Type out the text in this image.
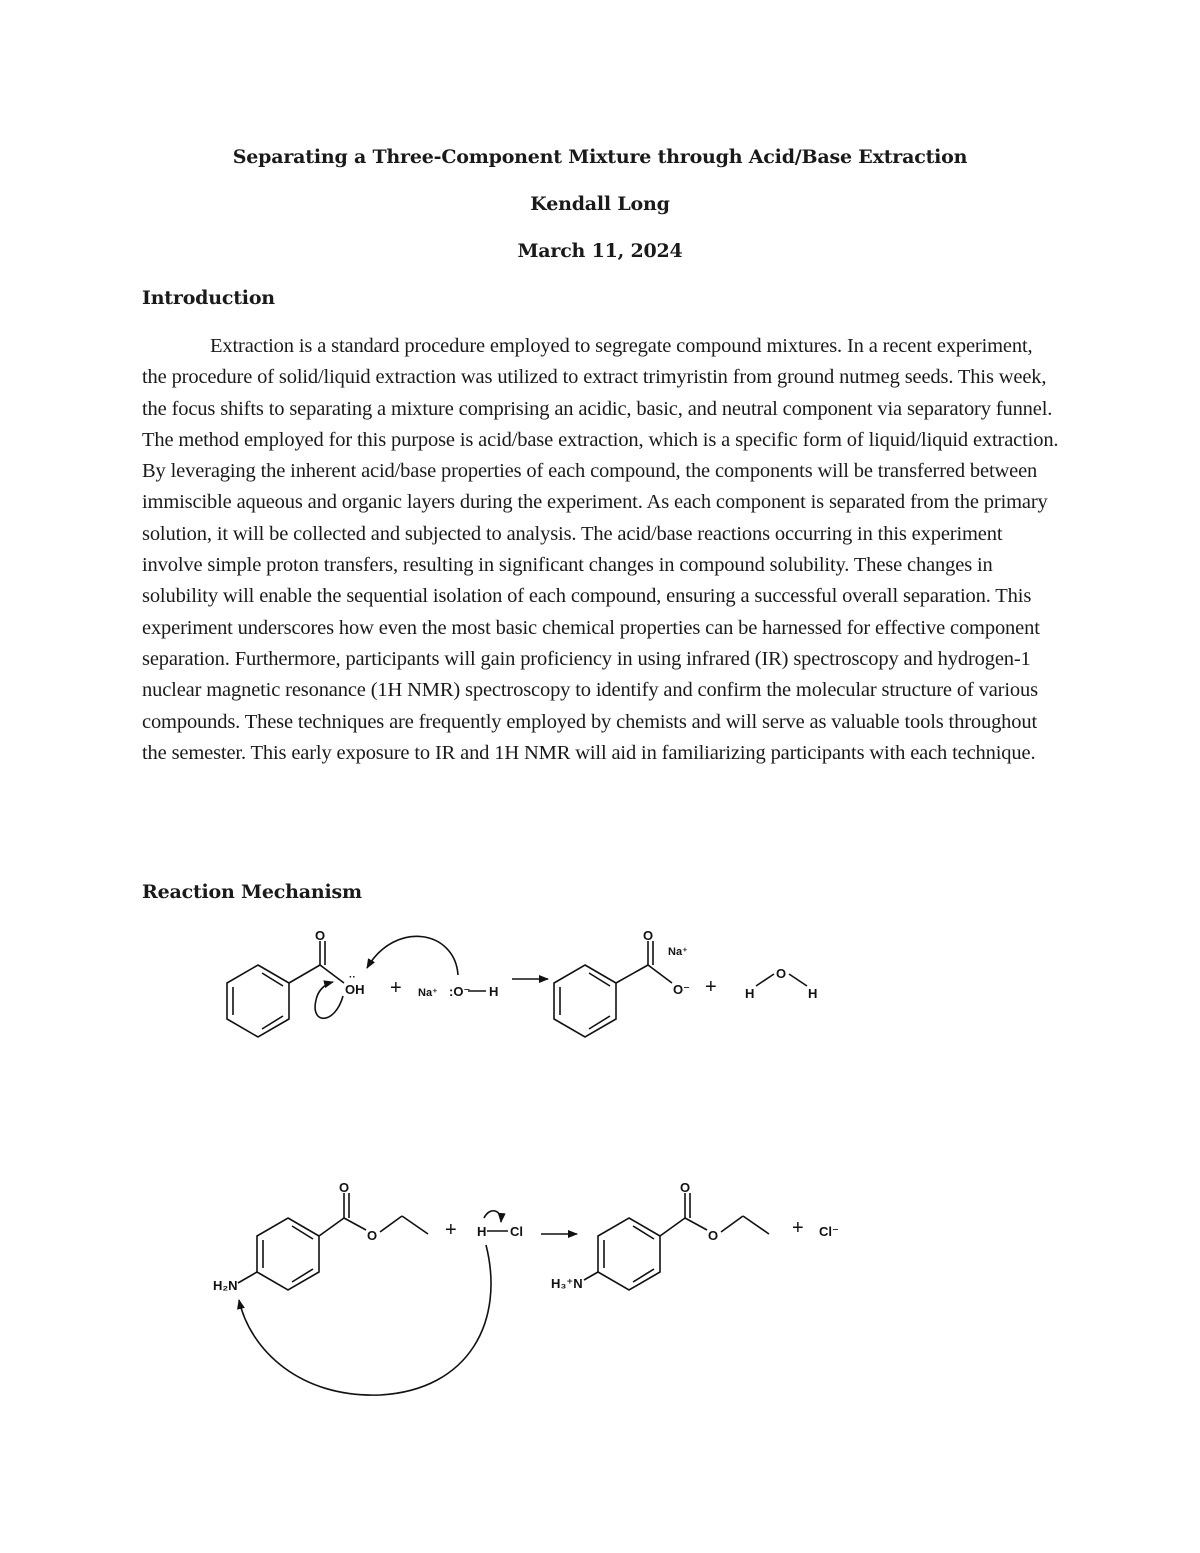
Separating a Three-Component Mixture through Acid/Base Extraction
Kendall Long
March 11, 2024
Introduction

Extraction is a standard procedure employed to segregate compound mixtures. In a recent experiment, the procedure of solid/liquid extraction was utilized to extract trimyristin from ground nutmeg seeds. This week, the focus shifts to separating a mixture comprising an acidic, basic, and neutral component via separatory funnel. The method employed for this purpose is acid/base extraction, which is a specific form of liquid/liquid extraction. By leveraging the inherent acid/base properties of each compound, the components will be transferred between immiscible aqueous and organic layers during the experiment. As each component is separated from the primary solution, it will be collected and subjected to analysis. The acid/base reactions occurring in this experiment involve simple proton transfers, resulting in significant changes in compound solubility. These changes in solubility will enable the sequential isolation of each compound, ensuring a successful overall separation. This experiment underscores how even the most basic chemical properties can be harnessed for effective component separation. Furthermore, participants will gain proficiency in using infrared (IR) spectroscopy and hydrogen-1 nuclear magnetic resonance (1H NMR) spectroscopy to identify and confirm the molecular structure of various compounds. These techniques are frequently employed by chemists and will serve as valuable tools throughout the semester. This early exposure to IR and 1H NMR will aid in familiarizing participants with each technique.

Reaction Mechanism
O
OH
·· + Na⁺ :O⁻ H
O
Na⁺
O⁻ + H
O
H
O
O
H₂N
+ H Cl
O
O
H₃⁺N
+ Cl⁻
